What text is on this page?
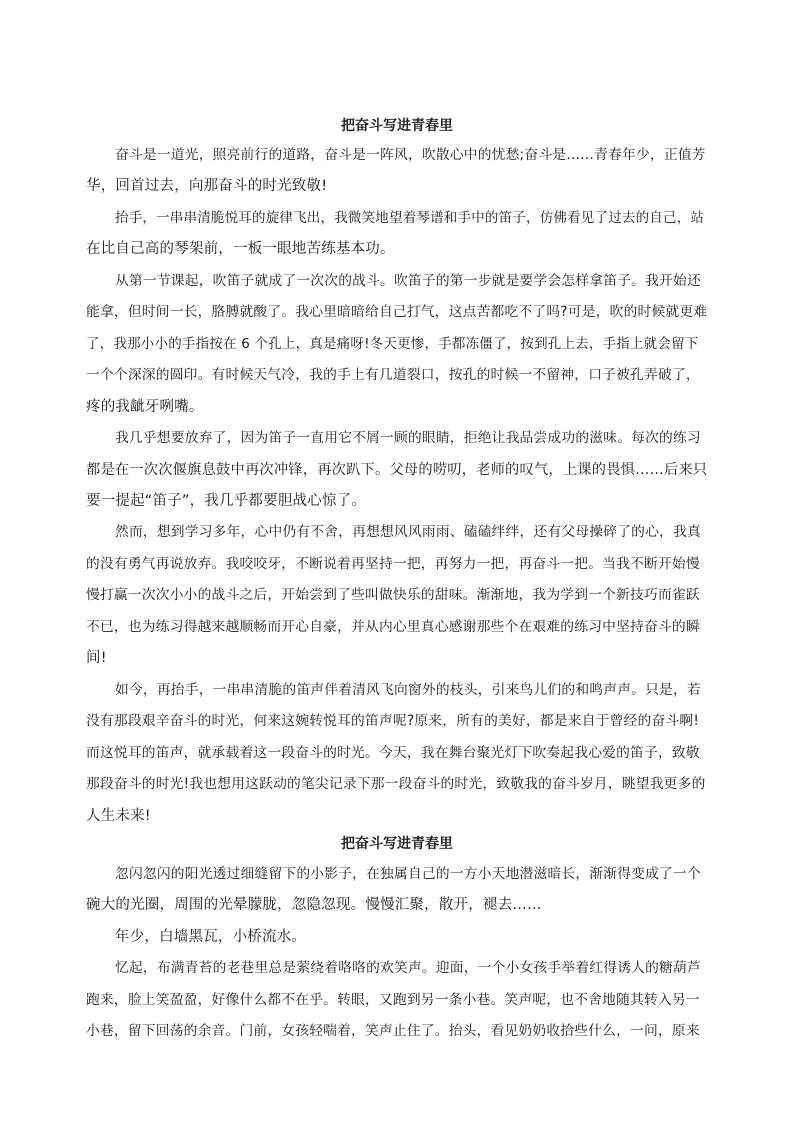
把奋斗写进青春里
奋斗是一道光，照亮前行的道路，奋斗是一阵风，吹散心中的忧愁;奋斗是……青春年少，正值芳
华，回首过去，向那奋斗的时光致敬!
抬手，一串串清脆悦耳的旋律飞出，我微笑地望着琴谱和手中的笛子，仿佛看见了过去的自己，站
在比自己高的琴架前，一板一眼地苦练基本功。
从第一节课起，吹笛子就成了一次次的战斗。吹笛子的第一步就是要学会怎样拿笛子。我开始还
能拿，但时间一长，胳膊就酸了。我心里暗暗给自己打气，这点苦都吃不了吗?可是，吹的时候就更难
了，我那小小的手指按在 6 个孔上，真是痛呀!冬天更惨，手都冻僵了，按到孔上去，手指上就会留下
一个个深深的圆印。有时候天气冷，我的手上有几道裂口，按孔的时候一不留神，口子被孔弄破了，
疼的我龇牙咧嘴。
我几乎想要放弃了，因为笛子一直用它不屑一顾的眼睛，拒绝让我品尝成功的滋味。每次的练习
都是在一次次偃旗息鼓中再次冲锋，再次趴下。父母的唠叨，老师的叹气，上课的畏惧……后来只
要一提起“笛子”，我几乎都要胆战心惊了。
然而，想到学习多年，心中仍有不舍，再想想风风雨雨、磕磕绊绊，还有父母操碎了的心，我真
的没有勇气再说放弃。我咬咬牙，不断说着再坚持一把，再努力一把，再奋斗一把。当我不断开始慢
慢打赢一次次小小的战斗之后，开始尝到了些叫做快乐的甜味。渐渐地，我为学到一个新技巧而雀跃
不已，也为练习得越来越顺畅而开心自豪，并从内心里真心感谢那些个在艰难的练习中坚持奋斗的瞬
间!
如今，再抬手，一串串清脆的笛声伴着清风飞向窗外的枝头，引来鸟儿们的和鸣声声。只是，若
没有那段艰辛奋斗的时光，何来这婉转悦耳的笛声呢?原来，所有的美好，都是来自于曾经的奋斗啊!
而这悦耳的笛声，就承载着这一段奋斗的时光。今天，我在舞台聚光灯下吹奏起我心爱的笛子，致敬
那段奋斗的时光!我也想用这跃动的笔尖记录下那一段奋斗的时光，致敬我的奋斗岁月，眺望我更多的
人生未来!
把奋斗写进青春里
忽闪忽闪的阳光透过细缝留下的小影子，在独属自己的一方小天地潜滋暗长，渐渐得变成了一个
碗大的光圈，周围的光晕朦胧，忽隐忽现。慢慢汇聚，散开，褪去……
年少，白墙黑瓦，小桥流水。
忆起，布满青苔的老巷里总是萦绕着咯咯的欢笑声。迎面，一个小女孩手举着红得诱人的糖葫芦
跑来，脸上笑盈盈，好像什么都不在乎。转眼，又跑到另一条小巷。笑声呢，也不舍地随其转入另一
小巷，留下回荡的余音。门前，女孩轻喘着，笑声止住了。抬头，看见奶奶收拾些什么，一问，原来
